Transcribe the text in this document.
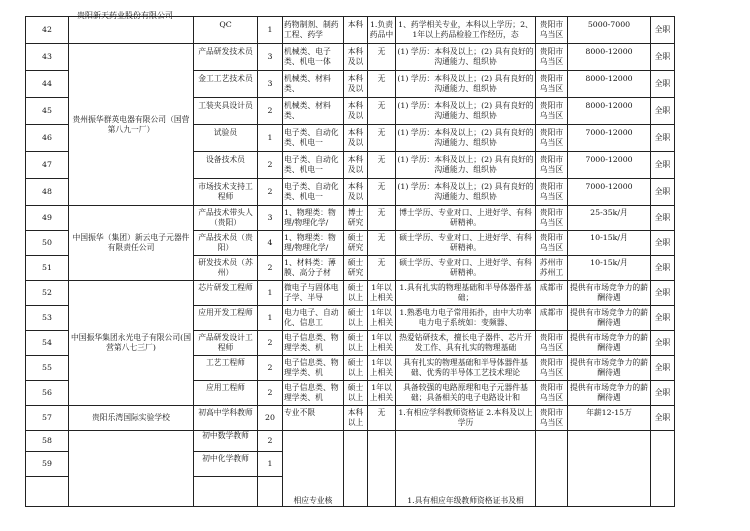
贵阳新天药业股份有限公司
42		QC	1	药物制剂、制药工程、药学	本科	1.负责药品中	1、药学相关专业，本科以上学历；2、1年以上药品检验工作经历，态	贵阳市乌当区	5000-7000	全职
43	贵州振华群英电器有限公司（国营第八九一厂）	产品研发技术员	3	机械类、电子类、机电一体	本科及以	无	(1) 学历：本科及以上；(2) 具有良好的沟通能力、组织协	贵阳市乌当区	8000-12000	全职
44		金工工艺技术员	3	机械类、材料类、	本科及以	无	(1) 学历：本科及以上；(2) 具有良好的沟通能力、组织协	贵阳市乌当区	8000-12000	全职
45		工装夹具设计员	2	机械类、材料类、	本科及以	无	(1) 学历：本科及以上；(2) 具有良好的沟通能力、组织协	贵阳市乌当区	8000-12000	全职
46		试验员	1	电子类、自动化类、机电一	本科及以	无	(1) 学历：本科及以上；(2) 具有良好的沟通能力、组织协	贵阳市乌当区	7000-12000	全职
47		设备技术员	2	电子类、自动化类、机电一	本科及以	无	(1) 学历：本科及以上；(2) 具有良好的沟通能力、组织协	贵阳市乌当区	7000-12000	全职
48		市场技术支持工程师	2	电子类、自动化类、机电一	本科及以	无	(1) 学历：本科及以上；(2) 具有良好的沟通能力、组织协	贵阳市乌当区	7000-12000	全职
49	中国振华（集团）新云电子元器件有限责任公司	产品技术带头人（贵阳）	3	1、物理类：物理/物理化学/	博士研究	无	博士学历、专业对口、上进好学、有科研精神。	贵阳市乌当区	25-35k/月	全职
50		产品技术员（贵阳）	4	1、物理类：物理/物理化学/	硕士研究	无	硕士学历、专业对口、上进好学、有科研精神。	贵阳市乌当区	10-15k/月	全职
51		研发技术员（苏州）	2	1、材料类：薄膜、高分子材	硕士研究	无	硕士学历、专业对口、上进好学、有科研精神。	苏州市苏州工	10-15k/月	全职
52	中国振华集团永光电子有限公司(国营第八七三厂)	芯片研发工程师	1	微电子与固体电子学、半导	硕士以上	1年以上相关	1.具有扎实的物理基础和半导体器件基础；	成都市	提供有市场竞争力的薪酬待遇	全职
53		应用开发工程师	1	电力电子、自动化、信息工	硕士以上	1年以上相关	1.熟悉电力电子常用拓扑，由中大功率电力电子系统如：变频器、	成都市	提供有市场竞争力的薪酬待遇	全职
54		产品研发设计工程师	2	电子信息类、物理学类、机	硕士以上	1年以上相关	热爱钻研技术，擅长电子器件、芯片开发工作、具有扎实的物理基础	贵阳市乌当区	提供有市场竞争力的薪酬待遇	全职
55		工艺工程师	2	电子信息类、物理学类、机	硕士以上	1年以上相关	具有扎实的物理基础和半导体器件基础、优秀的半导体工艺技术理论	贵阳市乌当区	提供有市场竞争力的薪酬待遇	全职
56		应用工程师	2	电子信息类、物理学类、机	硕士以上	1年以上相关	具备较强的电路原理和电子元器件基础；具备相关的电子电路设计和	贵阳市乌当区	提供有市场竞争力的薪酬待遇	全职
57	贵阳乐湾国际实验学校	初高中学科教师	20	专业不限	本科以上	无	1.有相应学科教师资格证 2.本科及以上学历	贵阳市乌当区	年薪12-15万	全职
58		初中数学教师	2	相应专业核			1.具有相应年级教师资格证书及相			
59		初中化学教师	1							
